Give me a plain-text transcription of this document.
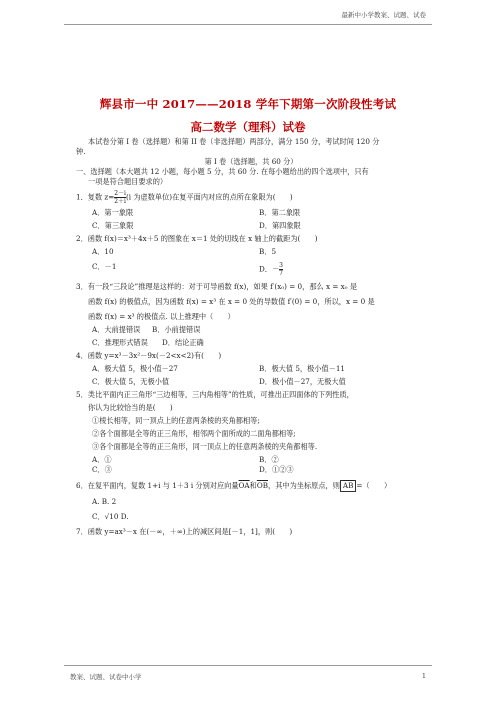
最新中小学教案、试题、试卷
辉县市一中 2017——2018 学年下期第一次阶段性考试
高二数学（理科）试卷

本试卷分第 I 卷（选择题）和第 II 卷（非选择题）两部分，满分 150 分，考试时间 120 分

钟.

第 I 卷（选择题，共 60 分）

一、选择题（本大题共 12 小题，每小题 5 分，共 60 分. 在每小题给出的四个选项中，只有

一项是符合题目要求的）

1．复数 $z= \frac{2-i}{2+i} (i$ 为虚数单位)在复平面内对应的点所在象限为(　　)

A．第一象限	B．第二象限
C．第三象限	D．第四象限

2．函数 f(x)＝x³＋4x＋5 的图象在 x＝1 处的切线在 x 轴上的截距为(　　)

A．10	B．5
C．－1	D．－ $\frac{3}{7}$

3．有一段“三段论”推理是这样的：对于可导函数 f(x)，如果 f′(x₀) = 0，那么 x = x₀ 是

函数 f(x) 的极值点，因为函数 f(x) = x³ 在 x = 0 处的导数值 f′(0) = 0，所以，x = 0 是

函数 f(x) = x³ 的极值点. 以上推理中（　　）

A．大前提错误	B．小前提错误
C．推理形式错误	D．结论正确

4．函数 y=x³－3x²－9x(－2<x<2)有(　　)

A．极大值 5，极小值－27	B．极大值 5，极小值－11
C．极大值 5，无极小值	D．极小值－27，无极大值

5．类比平面内正三角形“三边相等，三内角相等”的性质，可推出正四面体的下列性质，

你认为比较恰当的是(　　)

①棱长相等，同一顶点上的任意两条棱的夹角都相等;

②各个面都是全等的正三角形，相邻两个面所成的二面角都相等;

③各个面都是全等的正三角形，同一顶点上的任意两条棱的夹角都相等.

A．①	B．②
C．③	D．①②③

6．在复平面内，复数 1+i 与 1＋3 i 分别对应向量$\overline{OA}$和$\overline{OB}$，其中为坐标原点，则 $\overline{AB}$ =（　　）

A. B. 2

C．√10 D.

7．函数 y=ax³－x 在(－∞，＋∞)上的减区间是[－1，1]，则(　　)

教案、试题、试卷中小学	1
